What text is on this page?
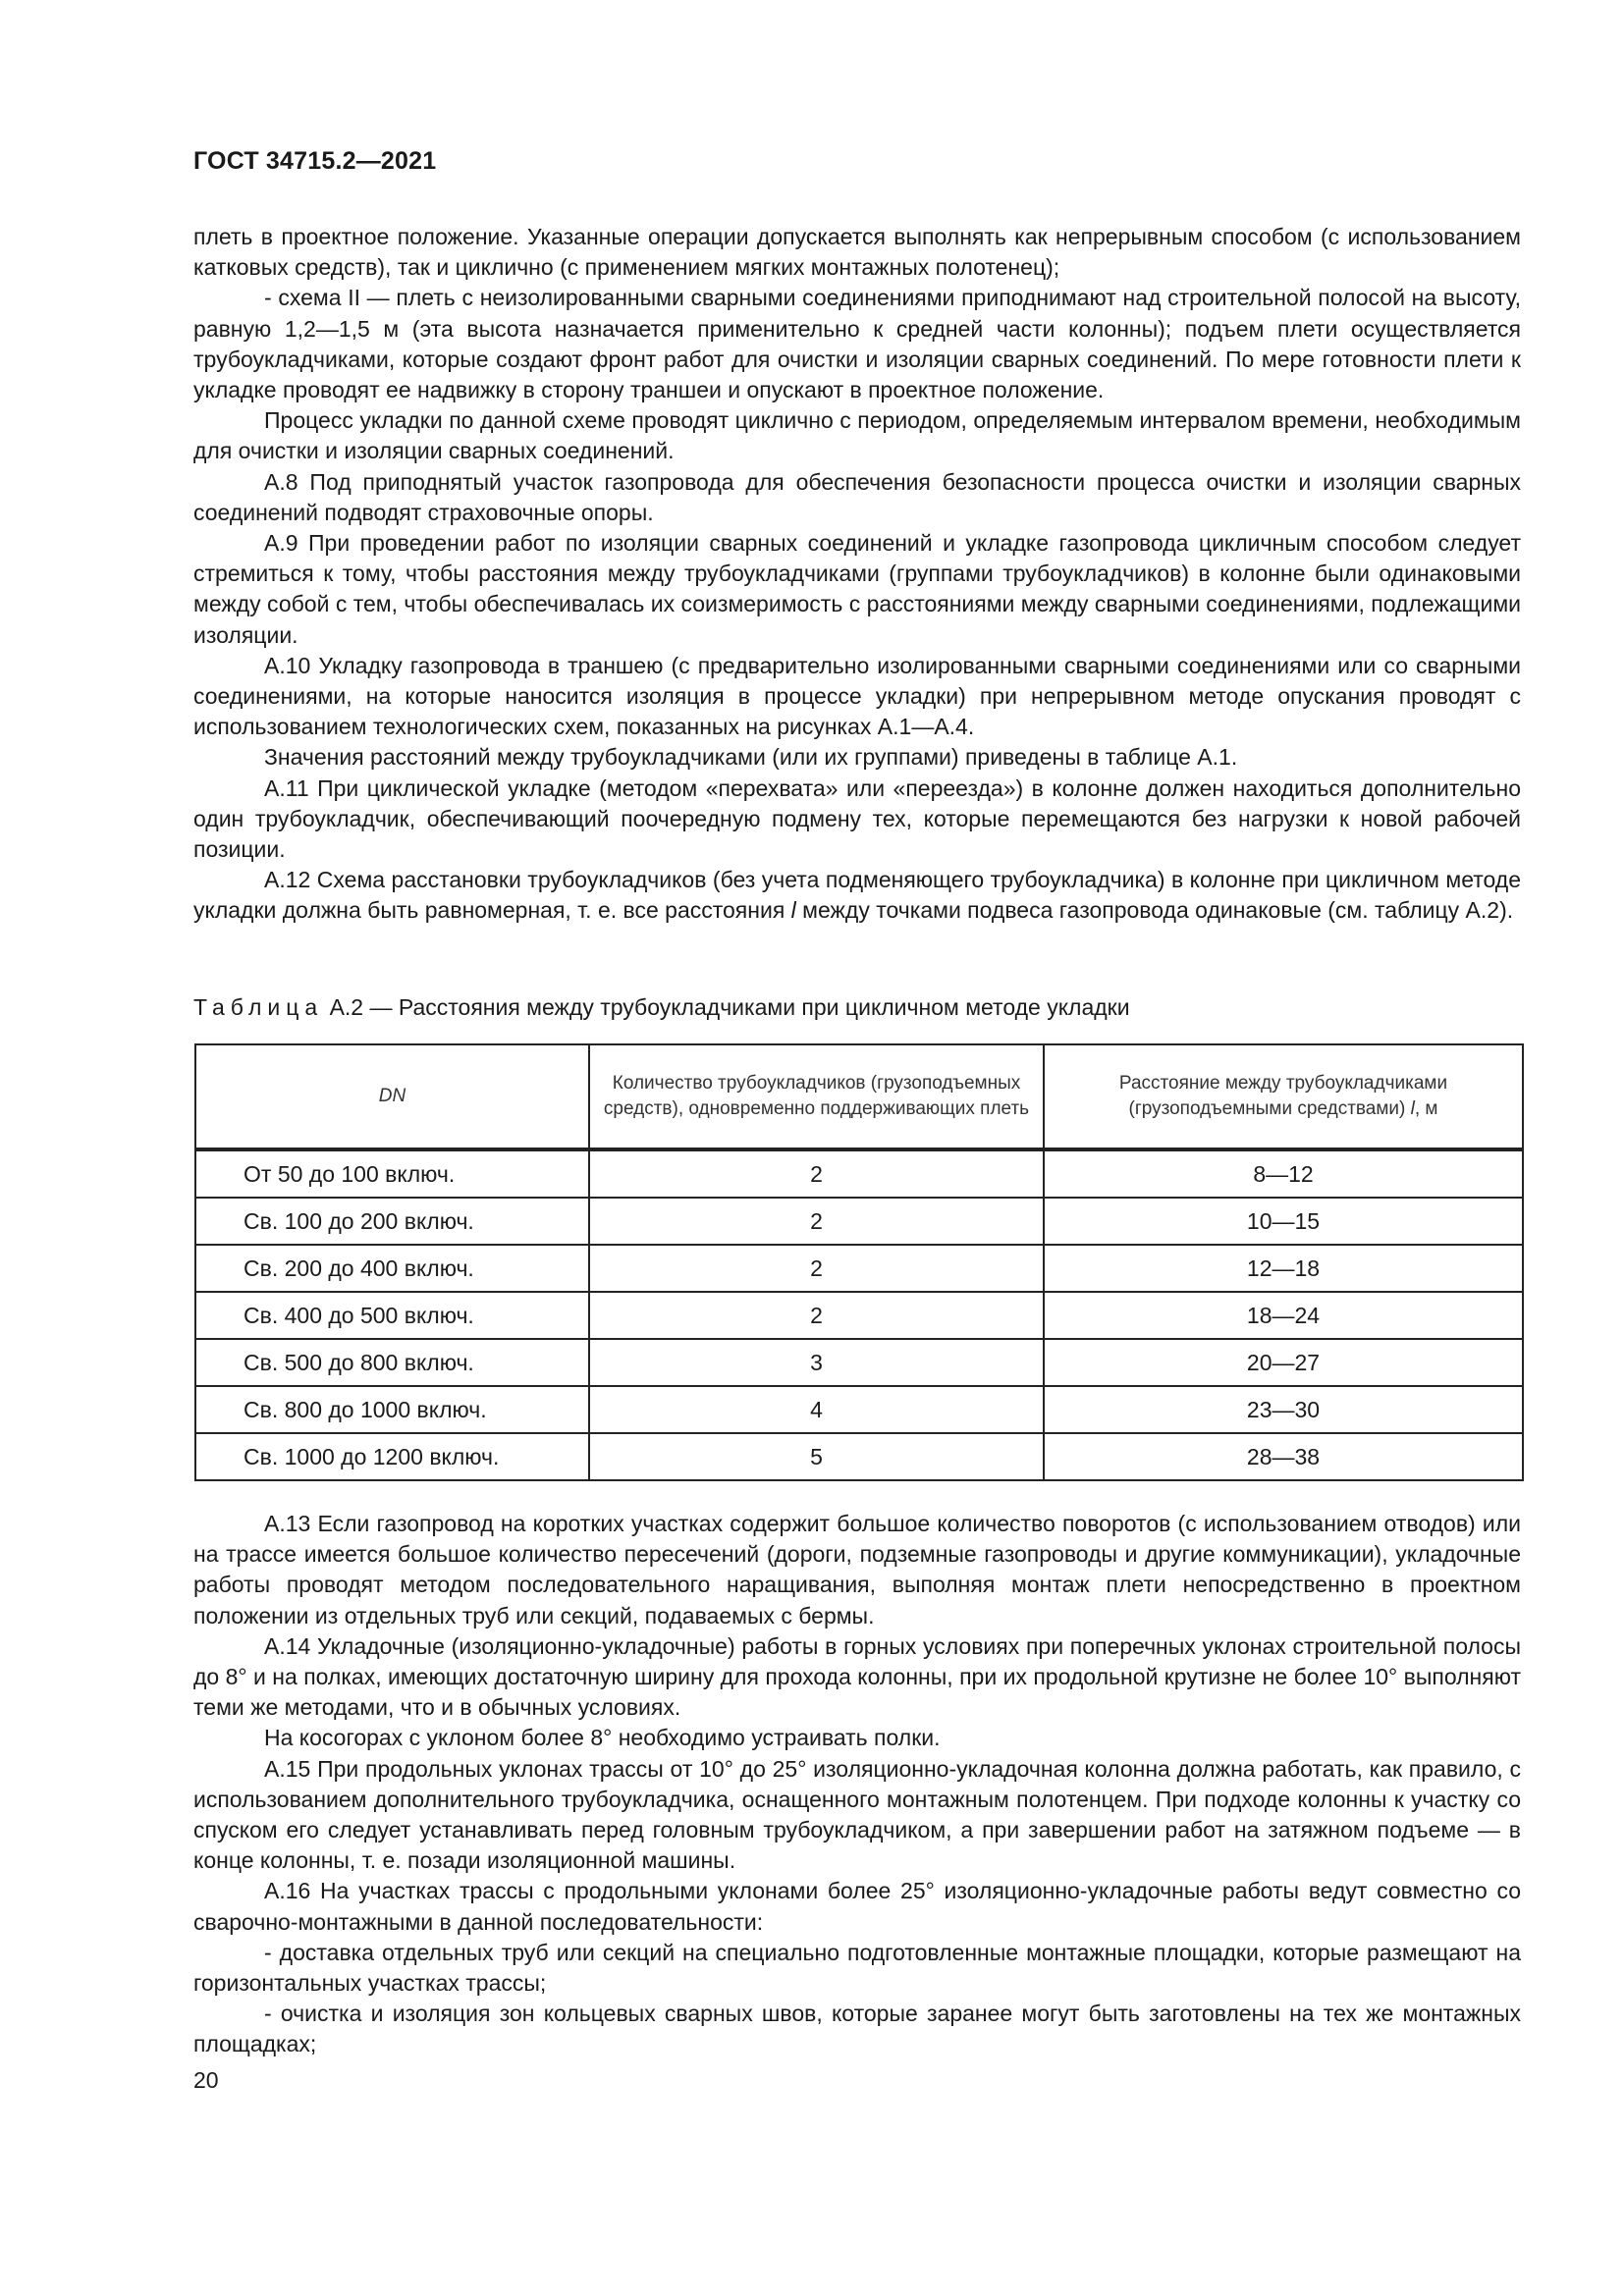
ГОСТ 34715.2—2021

плеть в проектное положение. Указанные операции допускается выполнять как непрерывным способом (с использованием катковых средств), так и циклично (с применением мягких монтажных полотенец);

- схема II — плеть с неизолированными сварными соединениями приподнимают над строительной полосой на высоту, равную 1,2—1,5 м (эта высота назначается применительно к средней части колонны); подъем плети осуществляется трубоукладчиками, которые создают фронт работ для очистки и изоляции сварных соединений. По мере готовности плети к укладке проводят ее надвижку в сторону траншеи и опускают в проектное положение.

Процесс укладки по данной схеме проводят циклично с периодом, определяемым интервалом времени, необходимым для очистки и изоляции сварных соединений.

А.8 Под приподнятый участок газопровода для обеспечения безопасности процесса очистки и изоляции сварных соединений подводят страховочные опоры.

А.9 При проведении работ по изоляции сварных соединений и укладке газопровода цикличным способом следует стремиться к тому, чтобы расстояния между трубоукладчиками (группами трубоукладчиков) в колонне были одинаковыми между собой с тем, чтобы обеспечивалась их соизмеримость с расстояниями между сварными соединениями, подлежащими изоляции.

А.10 Укладку газопровода в траншею (с предварительно изолированными сварными соединениями или со сварными соединениями, на которые наносится изоляция в процессе укладки) при непрерывном методе опускания проводят с использованием технологических схем, показанных на рисунках А.1—А.4.

Значения расстояний между трубоукладчиками (или их группами) приведены в таблице А.1.

А.11 При циклической укладке (методом «перехвата» или «переезда») в колонне должен находиться дополнительно один трубоукладчик, обеспечивающий поочередную подмену тех, которые перемещаются без нагрузки к новой рабочей позиции.

А.12 Схема расстановки трубоукладчиков (без учета подменяющего трубоукладчика) в колонне при цикличном методе укладки должна быть равномерная, т. е. все расстояния l между точками подвеса газопровода одинаковые (см. таблицу А.2).

Таблица А.2 — Расстояния между трубоукладчиками при цикличном методе укладки
DN	Количество трубоукладчиков (грузоподъемных средств), одновременно поддерживающих плеть	Расстояние между трубоукладчиками (грузоподъемными средствами) l, м
От 50 до 100 включ.	2	8—12
Св. 100 до 200 включ.	2	10—15
Св. 200 до 400 включ.	2	12—18
Св. 400 до 500 включ.	2	18—24
Св. 500 до 800 включ.	3	20—27
Св. 800 до 1000 включ.	4	23—30
Св. 1000 до 1200 включ.	5	28—38

А.13 Если газопровод на коротких участках содержит большое количество поворотов (с использованием отводов) или на трассе имеется большое количество пересечений (дороги, подземные газопроводы и другие коммуникации), укладочные работы проводят методом последовательного наращивания, выполняя монтаж плети непосредственно в проектном положении из отдельных труб или секций, подаваемых с бермы.

А.14 Укладочные (изоляционно-укладочные) работы в горных условиях при поперечных уклонах строительной полосы до 8° и на полках, имеющих достаточную ширину для прохода колонны, при их продольной крутизне не более 10° выполняют теми же методами, что и в обычных условиях.

На косогорах с уклоном более 8° необходимо устраивать полки.

А.15 При продольных уклонах трассы от 10° до 25° изоляционно-укладочная колонна должна работать, как правило, с использованием дополнительного трубоукладчика, оснащенного монтажным полотенцем. При подходе колонны к участку со спуском его следует устанавливать перед головным трубоукладчиком, а при завершении работ на затяжном подъеме — в конце колонны, т. е. позади изоляционной машины.

А.16 На участках трассы с продольными уклонами более 25° изоляционно-укладочные работы ведут совместно со сварочно-монтажными в данной последовательности:

- доставка отдельных труб или секций на специально подготовленные монтажные площадки, которые размещают на горизонтальных участках трассы;

- очистка и изоляция зон кольцевых сварных швов, которые заранее могут быть заготовлены на тех же монтажных площадках;

20
